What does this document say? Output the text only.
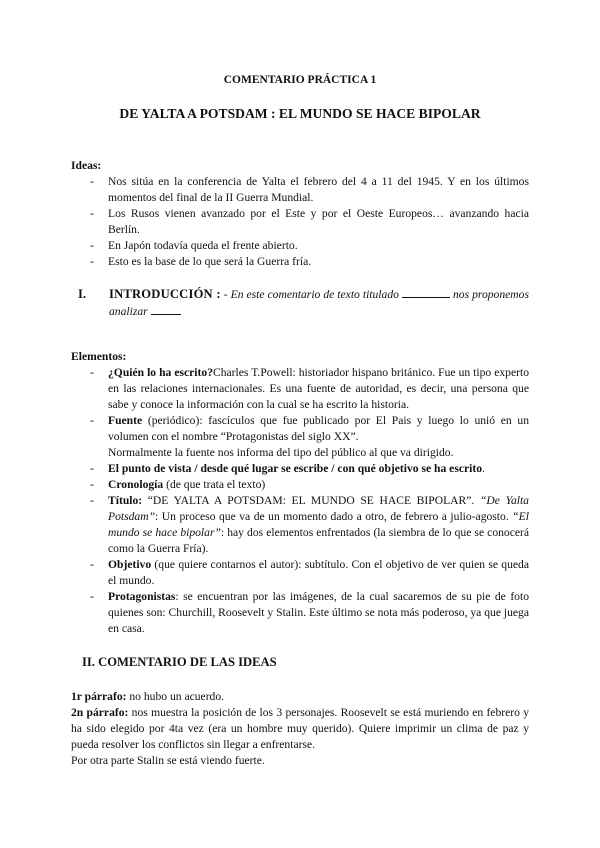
COMENTARIO PRÁCTICA 1
DE YALTA A POTSDAM : EL MUNDO SE HACE BIPOLAR
Ideas:
- Nos sitúa en la conferencia de Yalta el febrero del 4 a 11 del 1945. Y en los últimos momentos del final de la II Guerra Mundial.
- Los Rusos vienen avanzado por el Este y por el Oeste Europeos… avanzando hacia Berlín.
- En Japón todavía queda el frente abierto.
- Esto es la base de lo que será la Guerra fría.
I. INTRODUCCIÓN : - En este comentario de texto titulado	nos proponemos analizar
Elementos:
- ¿Quién lo ha escrito?Charles T.Powell: historiador hispano británico. Fue un tipo experto en las relaciones internacionales. Es una fuente de autoridad, es decir, una persona que sabe y conoce la información con la cual se ha escrito la historia.
- Fuente (periódico): fascículos que fue publicado por El Pais y luego lo unió en un volumen con el nombre “Protagonistas del siglo XX”.
Normalmente la fuente nos informa del tipo del público al que va dirigido.
- El punto de vista / desde qué lugar se escribe / con qué objetivo se ha escrito.
- Cronología (de que trata el texto)
- Título: “DE YALTA A POTSDAM: EL MUNDO SE HACE BIPOLAR”. “De Yalta Potsdam”: Un proceso que va de un momento dado a otro, de febrero a julio-agosto. “El mundo se hace bipolar”: hay dos elementos enfrentados (la siembra de lo que se conocerá como la Guerra Fría).
- Objetivo (que quiere contarnos el autor): subtítulo. Con el objetivo de ver quien se queda el mundo.
- Protagonistas: se encuentran por las imágenes, de la cual sacaremos de su pie de foto quienes son: Churchill, Roosevelt y Stalin. Este último se nota más poderoso, ya que juega en casa.
II. COMENTARIO DE LAS IDEAS
1r párrafo: no hubo un acuerdo.
2n párrafo: nos muestra la posición de los 3 personajes. Roosevelt se está muriendo en febrero y ha sido elegido por 4ta vez (era un hombre muy querido). Quiere imprimir un clima de paz y pueda resolver los conflictos sin llegar a enfrentarse.
Por otra parte Stalin se está viendo fuerte.
